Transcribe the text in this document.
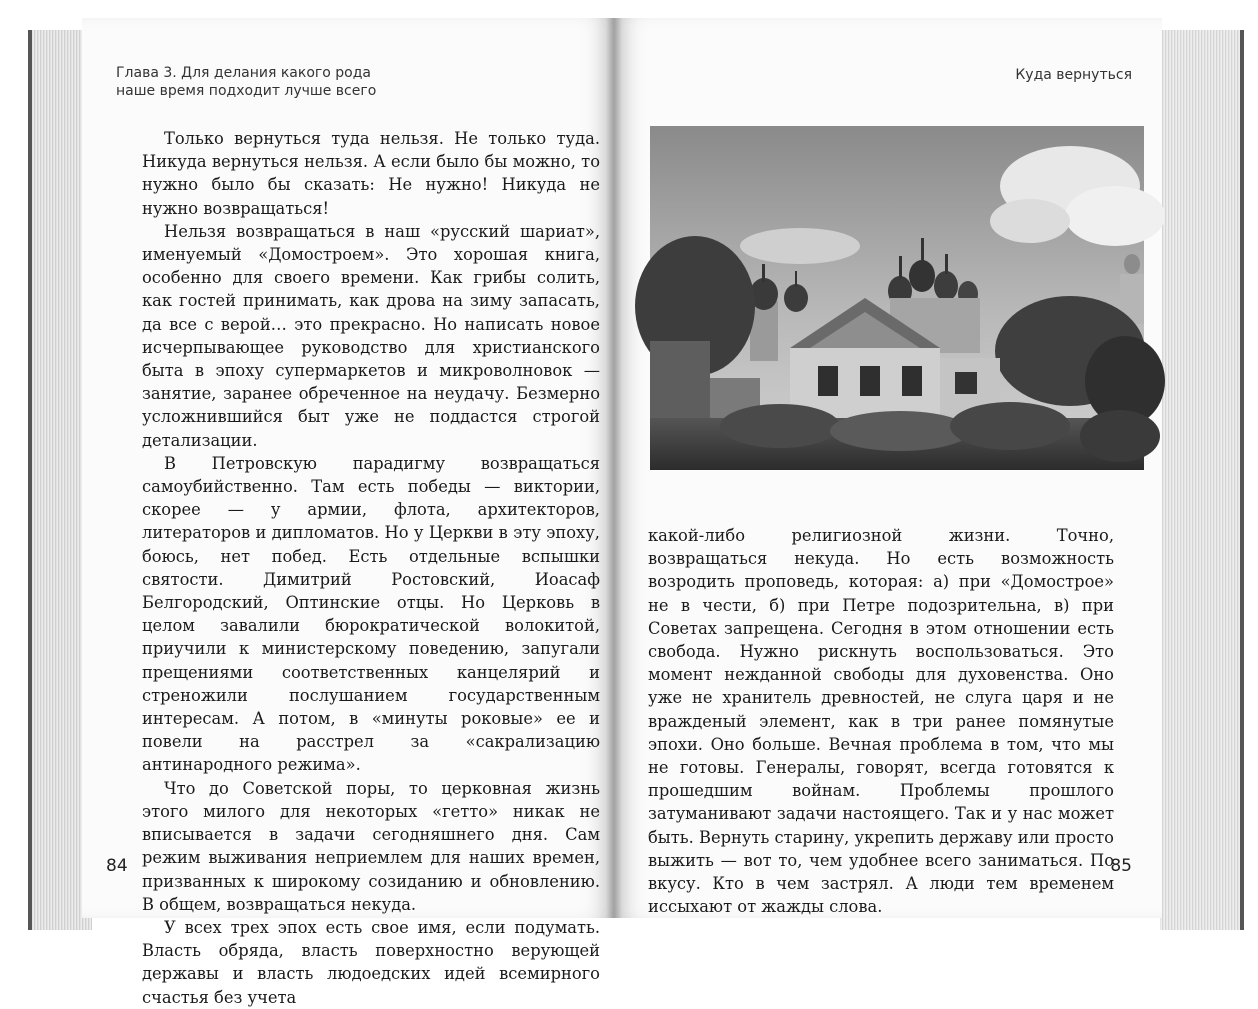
Глава 3. Для делания какого рода
наше время подходит лучше всего

Только вернуться туда нельзя. Не только туда. Никуда вернуться нельзя. А если было бы можно, то нужно было бы сказать: Не нужно! Никуда не нужно возвращаться!

Нельзя возвращаться в наш «русский шариат», именуемый «Домостроем». Это хорошая книга, особенно для своего времени. Как грибы солить, как гостей принимать, как дрова на зиму запасать, да все с верой… это прекрасно. Но написать новое исчерпывающее руководство для христианского быта в эпоху супермаркетов и микроволновок — занятие, заранее обреченное на неудачу. Безмерно усложнившийся быт уже не поддастся строгой детализации.

В Петровскую парадигму возвращаться самоубийственно. Там есть победы — виктории, скорее — у армии, флота, архитекторов, литераторов и дипломатов. Но у Церкви в эту эпоху, боюсь, нет побед. Есть отдельные вспышки святости. Димитрий Ростовский, Иоасаф Белгородский, Оптинские отцы. Но Церковь в целом завалили бюрократической волокитой, приучили к министерскому поведению, запугали прещениями соответственных канцелярий и стреножили послушанием государственным интересам. А потом, в «минуты роковые» ее и повели на расстрел за «сакрализацию антинародного режима».

Что до Советской поры, то церковная жизнь этого милого для некоторых «гетто» никак не вписывается в задачи сегодняшнего дня. Сам режим выживания неприемлем для наших времен, призванных к широкому созиданию и обновлению. В общем, возвращаться некуда.

У всех трех эпох есть свое имя, если подумать. Власть обряда, власть поверхностно верующей державы и власть людоедских идей всемирного счастья без учета

84
Куда вернуться

какой-либо религиозной жизни. Точно, возвращаться некуда. Но есть возможность возродить проповедь, которая: а) при «Домострое» не в чести, б) при Петре подозрительна, в) при Советах запрещена. Сегодня в этом отношении есть свобода. Нужно рискнуть воспользоваться. Это момент нежданной свободы для духовенства. Оно уже не хранитель древностей, не слуга царя и не вражденый элемент, как в три ранее помянутые эпохи. Оно больше. Вечная проблема в том, что мы не готовы. Генералы, говорят, всегда готовятся к прошедшим войнам. Проблемы прошлого затуманивают задачи настоящего. Так и у нас может быть. Вернуть старину, укрепить державу или просто выжить — вот то, чем удобнее всего заниматься. По вкусу. Кто в чем застрял. А люди тем временем иссыхают от жажды слова.

85
